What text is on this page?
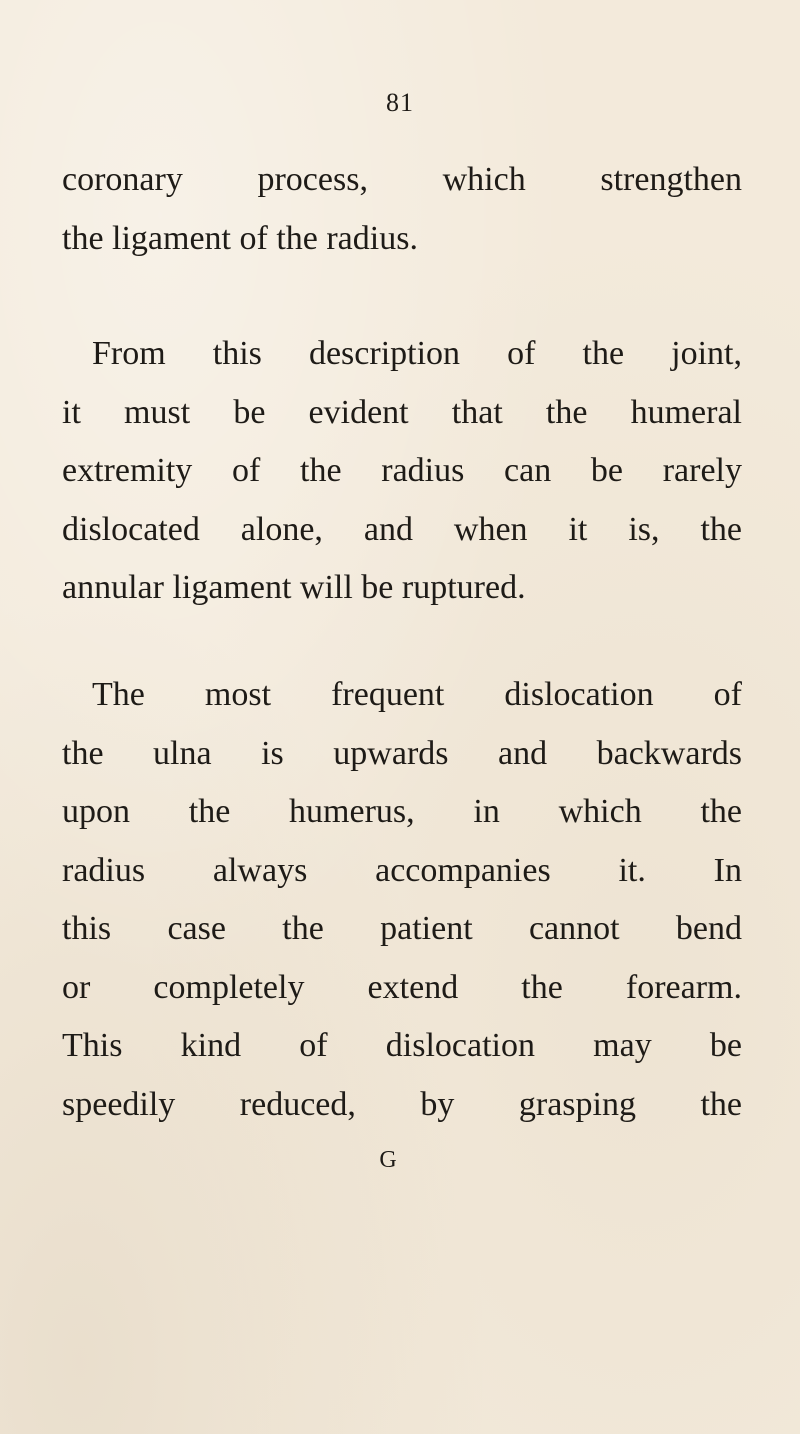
81
coronary process, which strengthen
the ligament of the radius.
From this description of the joint,
it must be evident that the humeral
extremity of the radius can be rarely
dislocated alone, and when it is, the
annular ligament will be ruptured.
The most frequent dislocation of
the ulna is upwards and backwards
upon the humerus, in which the
radius always accompanies it. In
this case the patient cannot bend
or completely extend the forearm.
This kind of dislocation may be
speedily reduced, by grasping the
G
